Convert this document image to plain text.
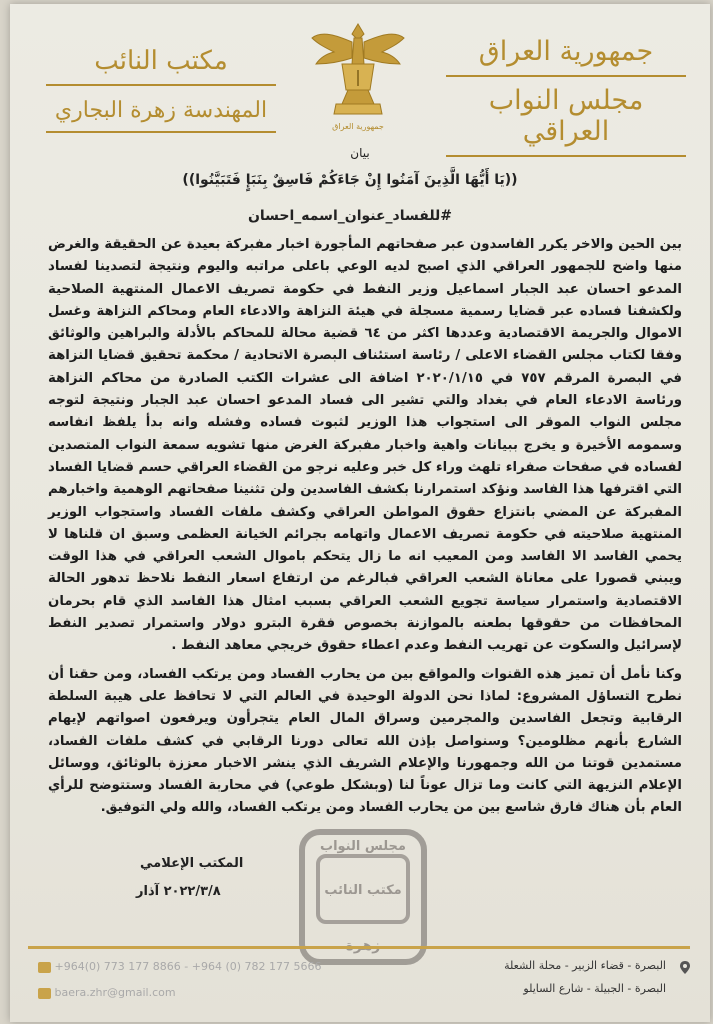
جمهورية العراق
مجلس النواب العراقي
مكتب النائب
المهندسة زهرة البجاري
جمهورية العراق
بيان
((يَا أَيُّهَا الَّذِينَ آمَنُوا إِنْ جَاءَكُمْ فَاسِقٌ بِنَبَإٍ فَتَبَيَّنُوا))
#للفساد_عنوان_اسمه_احسان

بين الحين والاخر يكرر الفاسدون عبر صفحاتهم المأجورة اخبار مفبركة بعيدة عن الحقيقة والغرض منها واضح للجمهور العراقي الذي اصبح لديه الوعي باعلى مراتبه واليوم ونتيجة لتصدينا لفساد المدعو احسان عبد الجبار اسماعيل وزير النفط في حكومة تصريف الاعمال المنتهية الصلاحية ولكشفنا فساده عبر قضايا رسمية مسجلة في هيئة النزاهة والادعاء العام ومحاكم النزاهة وغسل الاموال والجريمة الاقتصادية وعددها اكثر من ٦٤ قضية محالة للمحاكم بالأدلة والبراهين والوثائق وفقا لكتاب مجلس القضاء الاعلى / رئاسة استئناف البصرة الاتحادية / محكمة تحقيق قضايا النزاهة في البصرة المرقم ٧٥٧ في ٢٠٢٠/١/١٥ اضافة الى عشرات الكتب الصادرة من محاكم النزاهة ورئاسة الادعاء العام في بغداد والتي تشير الى فساد المدعو احسان عبد الجبار ونتيجة لتوجه مجلس النواب الموقر الى استجواب هذا الوزير لثبوت فساده وفشله وانه بدأ يلفظ انفاسه وسمومه الأخيرة و يخرج ببيانات واهية واخبار مفبركة الغرض منها تشويه سمعة النواب المتصدين لفساده في صفحات صفراء تلهث وراء كل خبر وعليه نرجو من القضاء العراقي حسم قضايا الفساد التي اقترفها هذا الفاسد ونؤكد استمرارنا بكشف الفاسدين ولن تثنينا صفحاتهم الوهمية واخبارهم المفبركة عن المضي بانتزاع حقوق المواطن العراقي وكشف ملفات الفساد واستجواب الوزير المنتهية صلاحيته في حكومة تصريف الاعمال واتهامه بجرائم الخيانة العظمى وسبق ان قلناها لا يحمي الفاسد الا الفاسد ومن المعيب انه ما زال يتحكم باموال الشعب العراقي في هذا الوقت ويبني قصورا على معاناة الشعب العراقي فبالرغم من ارتفاع اسعار النفط نلاحظ تدهور الحالة الاقتصادية واستمرار سياسة تجويع الشعب العراقي بسبب امثال هذا الفاسد الذي قام بحرمان المحافظات من حقوقها بطعنه بالموازنة بخصوص فقرة البترو دولار واستمرار تصدير النفط لإسرائيل والسكوت عن تهريب النفط وعدم اعطاء حقوق خريجي معاهد النفط .

وكنا نأمل أن تميز هذه القنوات والمواقع بين من يحارب الفساد ومن يرتكب الفساد، ومن حقنا أن نطرح التساؤل المشروع: لماذا نحن الدولة الوحيدة في العالم التي لا تحافظ على هيبة السلطة الرقابية وتجعل الفاسدين والمجرمين وسراق المال العام يتجرأون ويرفعون اصواتهم لإيهام الشارع بأنهم مظلومين؟ وسنواصل بإذن الله تعالى دورنا الرقابي في كشف ملفات الفساد، مستمدين قوتنا من الله وجمهورنا والإعلام الشريف الذي ينشر الاخبار معززة بالوثائق، ووسائل الإعلام النزيهة التي كانت وما تزال عوناً لنا (وبشكل طوعي) في محاربة الفساد وستتوضح للرأي العام بأن هناك فارق شاسع بين من يحارب الفساد ومن يرتكب الفساد، والله ولي التوفيق.

المكتب الإعلامي
٢٠٢٢/٣/٨ آذار
مجلس النواب
مكتب النائب
+964(0) 773 177 8866 - +964 (0) 782 177 5666
baera.zhr@gmail.com
البصرة - قضاء الزبير - محلة الشعلة
البصرة - الجبيلة - شارع السايلو
